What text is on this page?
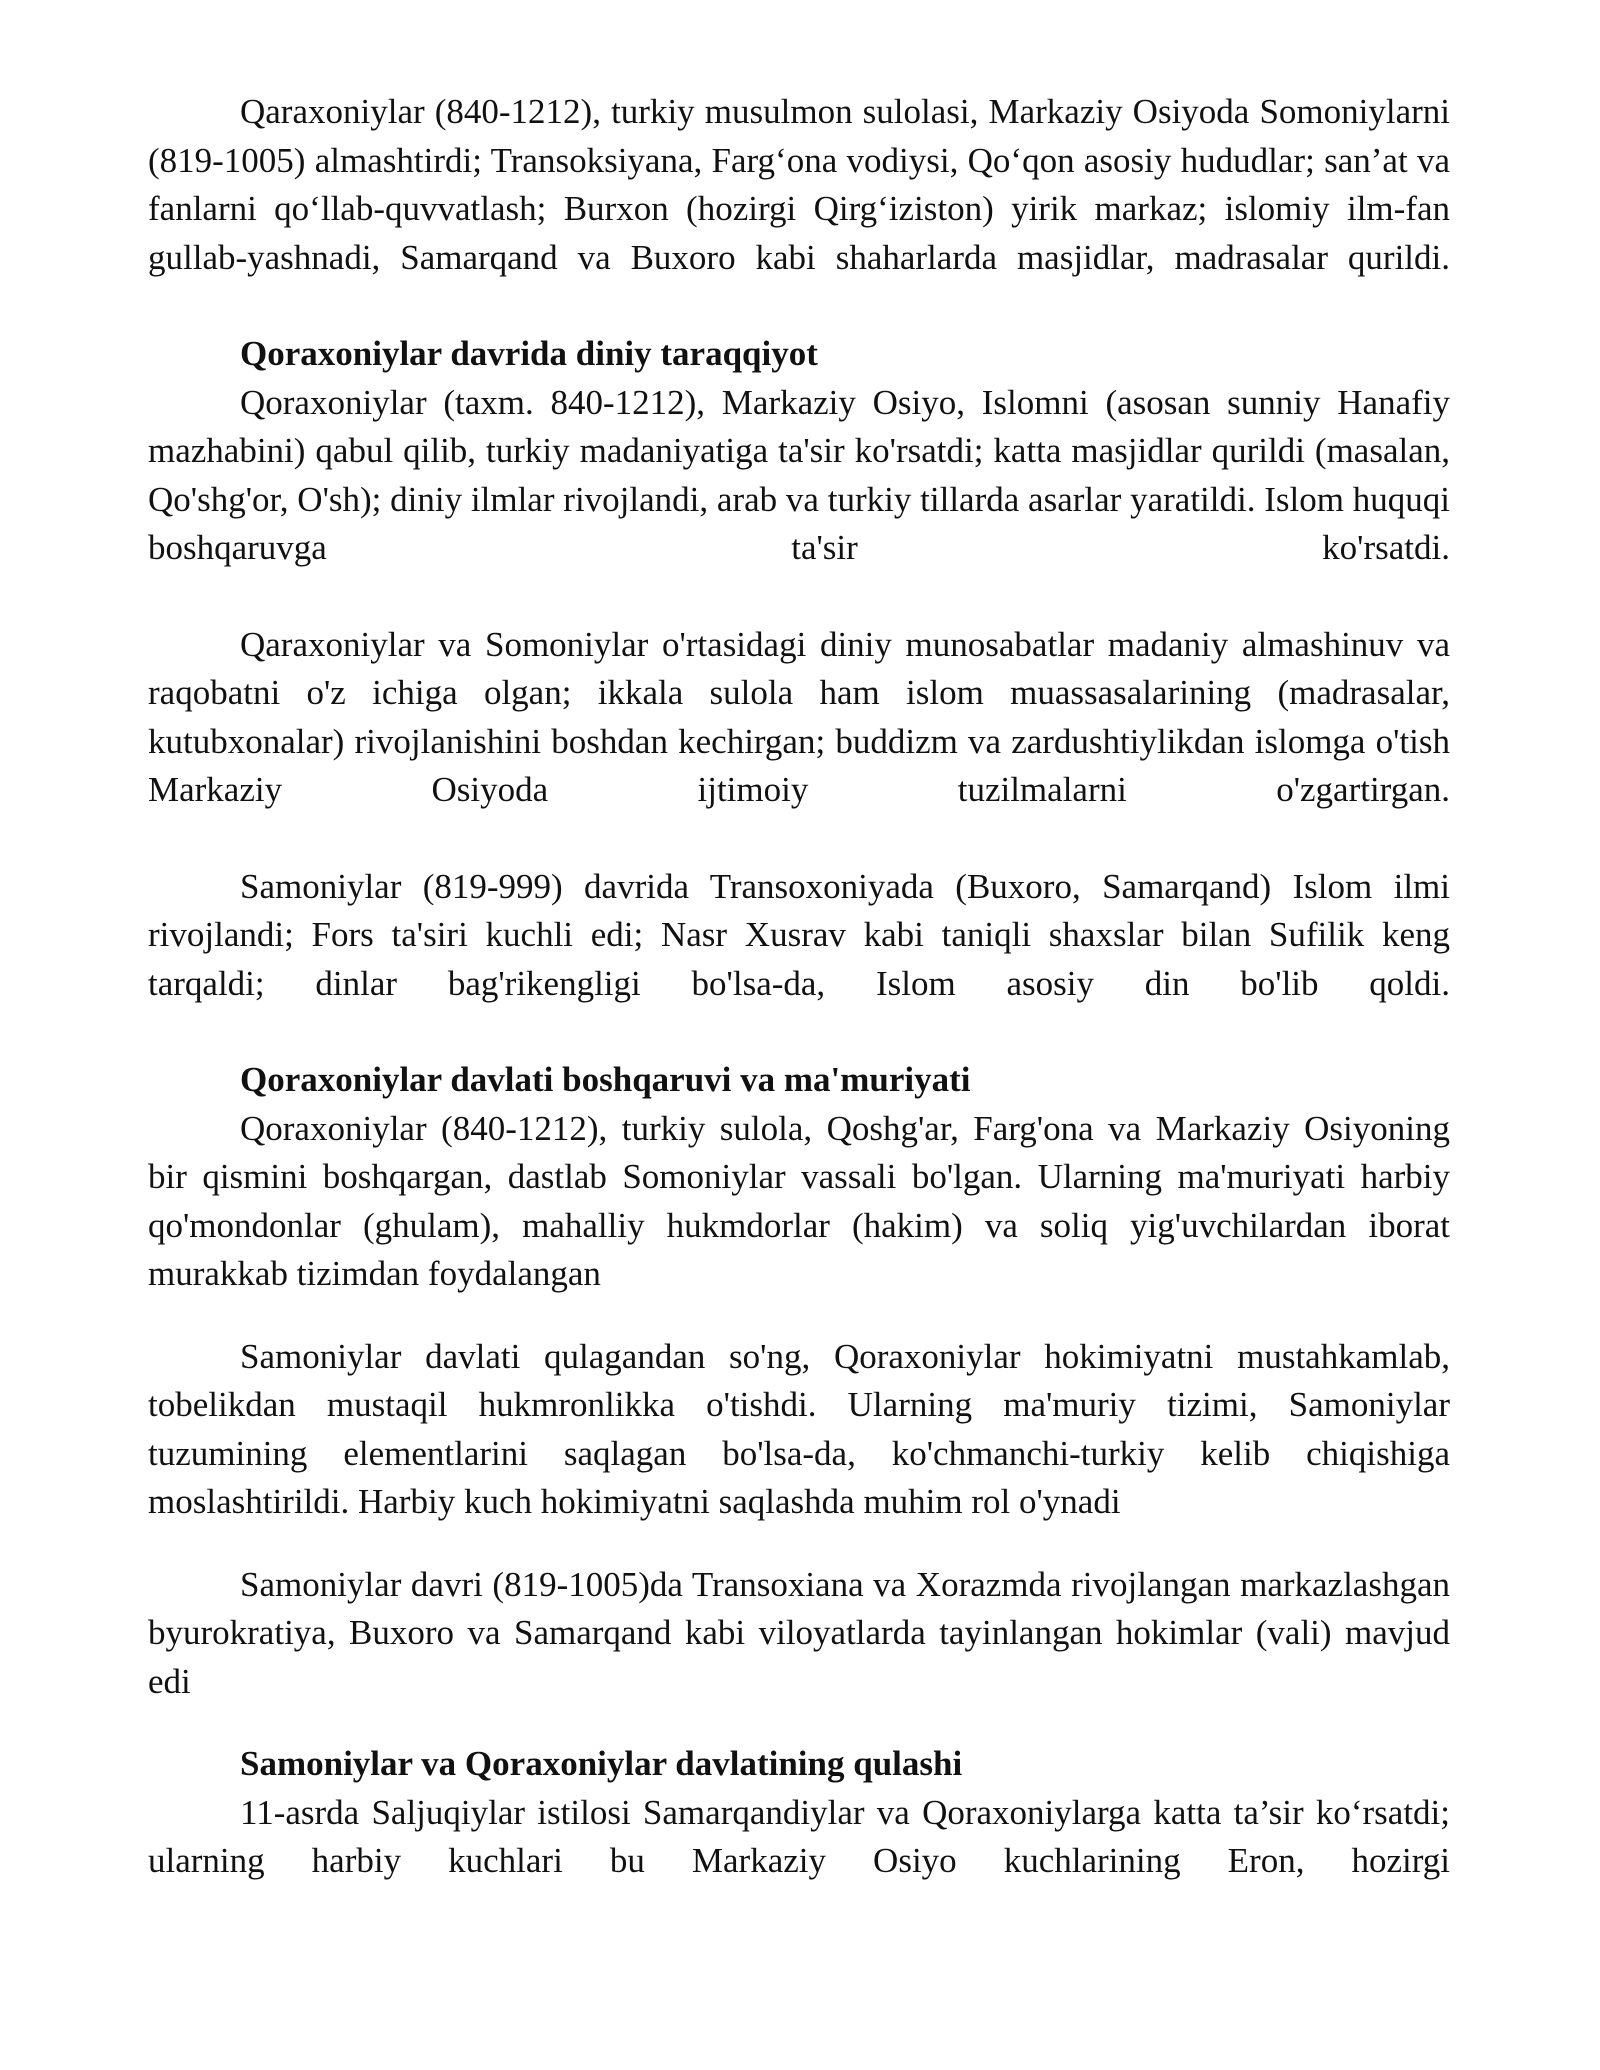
Qaraxoniylar (840-1212), turkiy musulmon sulolasi, Markaziy Osiyoda Somoniylarni (819-1005) almashtirdi; Transoksiyana, Farg‘ona vodiysi, Qo‘qon asosiy hududlar; san’at va fanlarni qo‘llab-quvvatlash; Burxon (hozirgi Qirg‘iziston) yirik markaz; islomiy ilm-fan gullab-yashnadi, Samarqand va Buxoro kabi shaharlarda masjidlar, madrasalar qurildi.

Qoraxoniylar davrida diniy taraqqiyot

Qoraxoniylar (taxm. 840-1212), Markaziy Osiyo, Islomni (asosan sunniy Hanafiy mazhabini) qabul qilib, turkiy madaniyatiga ta'sir ko'rsatdi; katta masjidlar qurildi (masalan, Qo'shg'or, O'sh); diniy ilmlar rivojlandi, arab va turkiy tillarda asarlar yaratildi. Islom huquqi boshqaruvga ta'sir ko'rsatdi.

Qaraxoniylar va Somoniylar o'rtasidagi diniy munosabatlar madaniy almashinuv va raqobatni o'z ichiga olgan; ikkala sulola ham islom muassasalarining (madrasalar, kutubxonalar) rivojlanishini boshdan kechirgan; buddizm va zardushtiylikdan islomga o'tish Markaziy Osiyoda ijtimoiy tuzilmalarni o'zgartirgan.

Samoniylar (819-999) davrida Transoxoniyada (Buxoro, Samarqand) Islom ilmi rivojlandi; Fors ta'siri kuchli edi; Nasr Xusrav kabi taniqli shaxslar bilan Sufilik keng tarqaldi; dinlar bag'rikengligi bo'lsa-da, Islom asosiy din bo'lib qoldi.

Qoraxoniylar davlati boshqaruvi va ma'muriyati

Qoraxoniylar (840-1212), turkiy sulola, Qoshg'ar, Farg'ona va Markaziy Osiyoning bir qismini boshqargan, dastlab Somoniylar vassali bo'lgan. Ularning ma'muriyati harbiy qo'mondonlar (ghulam), mahalliy hukmdorlar (hakim) va soliq yig'uvchilardan iborat murakkab tizimdan foydalangan

Samoniylar davlati qulagandan so'ng, Qoraxoniylar hokimiyatni mustahkamlab, tobelikdan mustaqil hukmronlikka o'tishdi. Ularning ma'muriy tizimi, Samoniylar tuzumining elementlarini saqlagan bo'lsa-da, ko'chmanchi-turkiy kelib chiqishiga moslashtirildi. Harbiy kuch hokimiyatni saqlashda muhim rol o'ynadi

Samoniylar davri (819-1005)da Transoxiana va Xorazmda rivojlangan markazlashgan byurokratiya, Buxoro va Samarqand kabi viloyatlarda tayinlangan hokimlar (vali) mavjud edi

Samoniylar va Qoraxoniylar davlatining qulashi

11-asrda Saljuqiylar istilosi Samarqandiylar va Qoraxoniylarga katta ta’sir ko‘rsatdi; ularning harbiy kuchlari bu Markaziy Osiyo kuchlarining Eron, hozirgi
